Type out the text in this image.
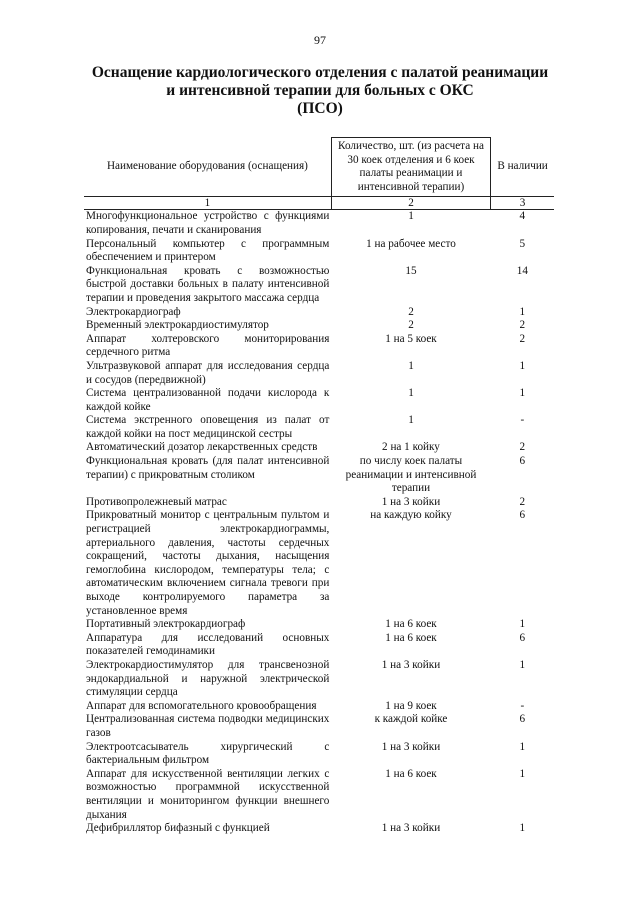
97
Оснащение кардиологического отделения с палатой реанимации
и интенсивной терапии для больных с ОКС
(ПСО)
Наименование оборудования (оснащения)	Количество, шт. (из расчета на 30 коек отделения и 6 коек палаты реанимации и интенсивной терапии)	В наличии
1	2	3
Многофункциональное устройство с функциями копирования, печати и сканирования	1	4
Персональный компьютер с программным обеспечением и принтером	1 на рабочее место	5
Функциональная кровать с возможностью быстрой доставки больных в палату интенсивной терапии и проведения закрытого массажа сердца	15	14
Электрокардиограф	2	1
Временный электрокардиостимулятор	2	2
Аппарат холтеровского мониторирования сердечного ритма	1 на 5 коек	2
Ультразвуковой аппарат для исследования сердца и сосудов (передвижной)	1	1
Система централизованной подачи кислорода к каждой койке	1	1
Система экстренного оповещения из палат от каждой койки на пост медицинской сестры	1	-
Автоматический дозатор лекарственных средств	2 на 1 койку	2
Функциональная кровать (для палат интенсивной терапии) с прикроватным столиком	по числу коек палаты реанимации и интенсивной терапии	6
Противопролежневый матрас	1 на 3 койки	2
Прикроватный монитор с центральным пультом и регистрацией электрокардиограммы, артериального давления, частоты сердечных сокращений, частоты дыхания, насыщения гемоглобина кислородом, температуры тела; с автоматическим включением сигнала тревоги при выходе контролируемого параметра за установленное время	на каждую койку	6
Портативный электрокардиограф	1 на 6 коек	1
Аппаратура для исследований основных показателей гемодинамики	1 на 6 коек	6
Электрокардиостимулятор для трансвенозной эндокардиальной и наружной электрической стимуляции сердца	1 на 3 койки	1
Аппарат для вспомогательного кровообращения	1 на 9 коек	-
Централизованная система подводки медицинских газов	к каждой койке	6
Электроотсасыватель хирургический с бактериальным фильтром	1 на 3 койки	1
Аппарат для искусственной вентиляции легких с возможностью программной искусственной вентиляции и мониторингом функции внешнего дыхания	1 на 6 коек	1
Дефибриллятор бифазный с функцией	1 на 3 койки	1
